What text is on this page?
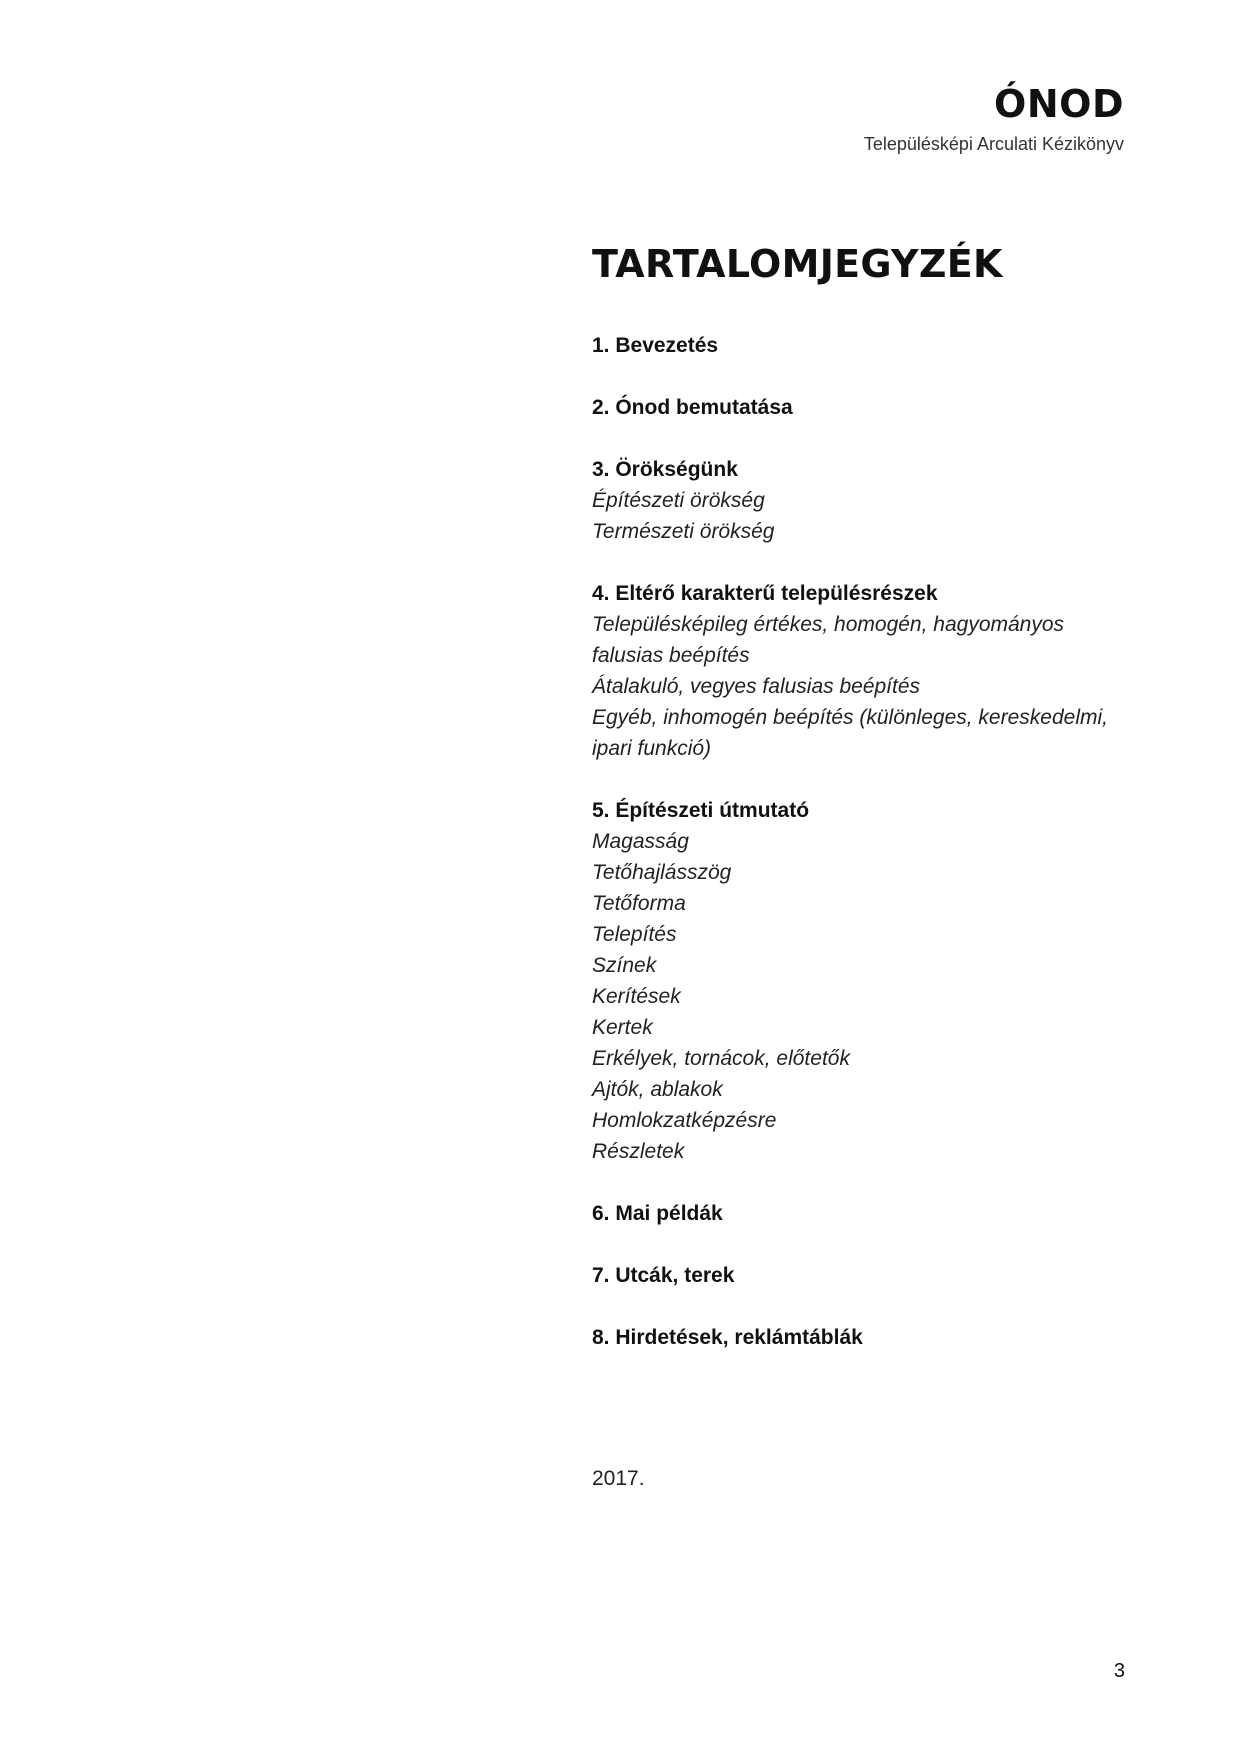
ÓNOD
Településképi Arculati Kézikönyv
TARTALOMJEGYZÉK
1. Bevezetés
2. Ónod bemutatása
3. Örökségünk
Építészeti örökség
Természeti örökség
4. Eltérő karakterű településrészek
Településképileg értékes, homogén, hagyományos falusias beépítés
Átalakuló, vegyes falusias beépítés
Egyéb, inhomogén beépítés (különleges, kereskedelmi, ipari funkció)
5. Építészeti útmutató
Magasság
Tetőhajlásszög
Tetőforma
Telepítés
Színek
Kerítések
Kertek
Erkélyek, tornácok, előtetők
Ajtók, ablakok
Homlokzatképzésre
Részletek
6. Mai példák
7. Utcák, terek
8. Hirdetések, reklámtáblák
2017.
3
